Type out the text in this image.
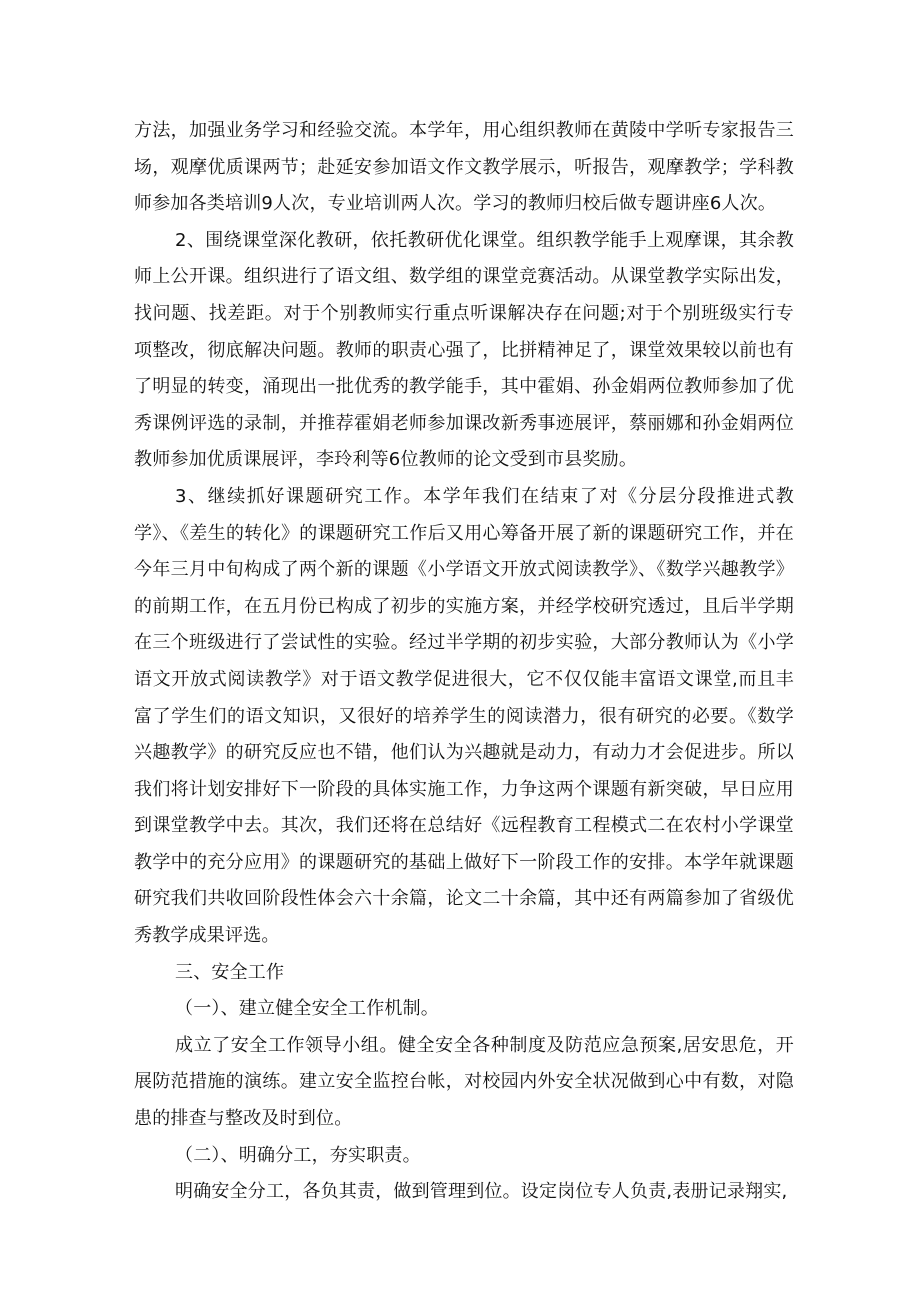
方法，加强业务学习和经验交流。本学年，用心组织教师在黄陵中学听专家报告三场，观摩优质课两节；赴延安参加语文作文教学展示，听报告，观摩教学；学科教师参加各类培训9人次，专业培训两人次。学习的教师归校后做专题讲座6人次。

2、围绕课堂深化教研，依托教研优化课堂。组织教学能手上观摩课，其余教师上公开课。组织进行了语文组、数学组的课堂竞赛活动。从课堂教学实际出发，找问题、找差距。对于个别教师实行重点听课解决存在问题;对于个别班级实行专项整改，彻底解决问题。教师的职责心强了，比拼精神足了，课堂效果较以前也有了明显的转变，涌现出一批优秀的教学能手，其中霍娟、孙金娟两位教师参加了优秀课例评选的录制，并推荐霍娟老师参加课改新秀事迹展评，蔡丽娜和孙金娟两位教师参加优质课展评，李玲利等6位教师的论文受到市县奖励。

3、继续抓好课题研究工作。本学年我们在结束了对《分层分段推进式教学》、《差生的转化》的课题研究工作后又用心筹备开展了新的课题研究工作，并在今年三月中旬构成了两个新的课题《小学语文开放式阅读教学》、《数学兴趣教学》的前期工作，在五月份已构成了初步的实施方案，并经学校研究透过，且后半学期在三个班级进行了尝试性的实验。经过半学期的初步实验，大部分教师认为《小学语文开放式阅读教学》对于语文教学促进很大，它不仅仅能丰富语文课堂,而且丰富了学生们的语文知识，又很好的培养学生的阅读潜力，很有研究的必要。《数学兴趣教学》的研究反应也不错，他们认为兴趣就是动力，有动力才会促进步。所以我们将计划安排好下一阶段的具体实施工作，力争这两个课题有新突破，早日应用到课堂教学中去。其次，我们还将在总结好《远程教育工程模式二在农村小学课堂教学中的充分应用》的课题研究的基础上做好下一阶段工作的安排。本学年就课题研究我们共收回阶段性体会六十余篇，论文二十余篇，其中还有两篇参加了省级优秀教学成果评选。

三、安全工作

（一）、建立健全安全工作机制。

成立了安全工作领导小组。健全安全各种制度及防范应急预案,居安思危，开展防范措施的演练。建立安全监控台帐，对校园内外安全状况做到心中有数，对隐患的排查与整改及时到位。

（二）、明确分工，夯实职责。

明确安全分工，各负其责，做到管理到位。设定岗位专人负责,表册记录翔实,
